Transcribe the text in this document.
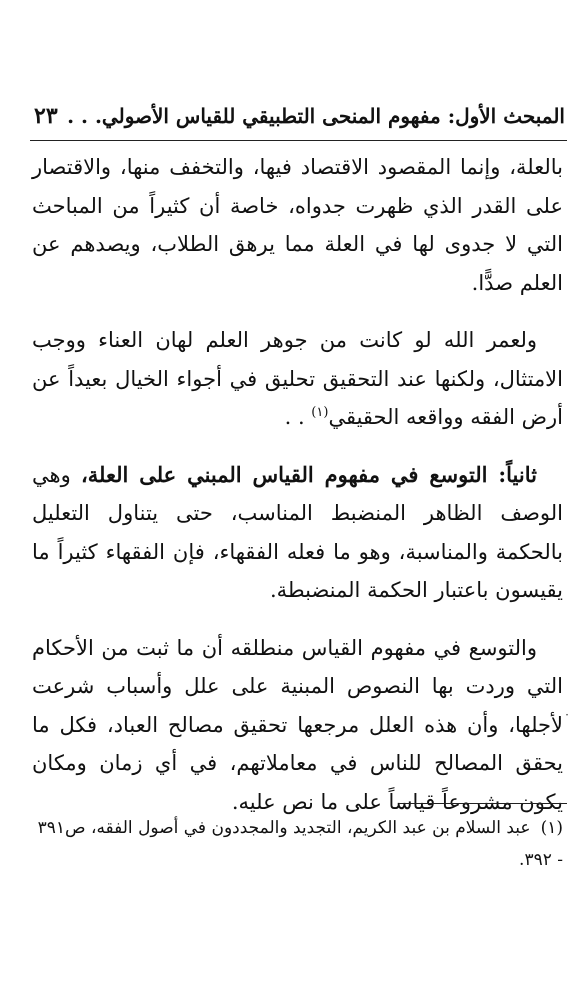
المبحث الأول: مفهوم المنحى التطبيقي للقياس الأصولي. . .
٢٣

بالعلة، وإنما المقصود الاقتصاد فيها، والتخفف منها، والاقتصار على القدر الذي ظهرت جدواه، خاصة أن كثيراً من المباحث التي لا جدوى لها في العلة مما يرهق الطلاب، ويصدهم عن العلم صدًّا.

ولعمر الله لو كانت من جوهر العلم لهان العناء ووجب الامتثال، ولكنها عند التحقيق تحليق في أجواء الخيال بعيداً عن أرض الفقه وواقعه الحقيقي$^{(١)}$ . .

ثانياً: التوسع في مفهوم القياس المبني على العلة، وهي الوصف الظاهر المنضبط المناسب، حتى يتناول التعليل بالحكمة والمناسبة، وهو ما فعله الفقهاء، فإن الفقهاء كثيراً ما يقيسون باعتبار الحكمة المنضبطة.

والتوسع في مفهوم القياس منطلقه أن ما ثبت من الأحكام التي وردت بها النصوص المبنية على علل وأسباب شرعت لأجلها، وأن هذه العلل مرجعها تحقيق مصالح العباد، فكل ما يحقق المصالح للناس في معاملاتهم، في أي زمان ومكان يكون مشروعاً قياساً على ما نص عليه.

·
(١)عبد السلام بن عبد الكريم، التجديد والمجددون في أصول الفقه، ص٣٩١ - ٣٩٢.
